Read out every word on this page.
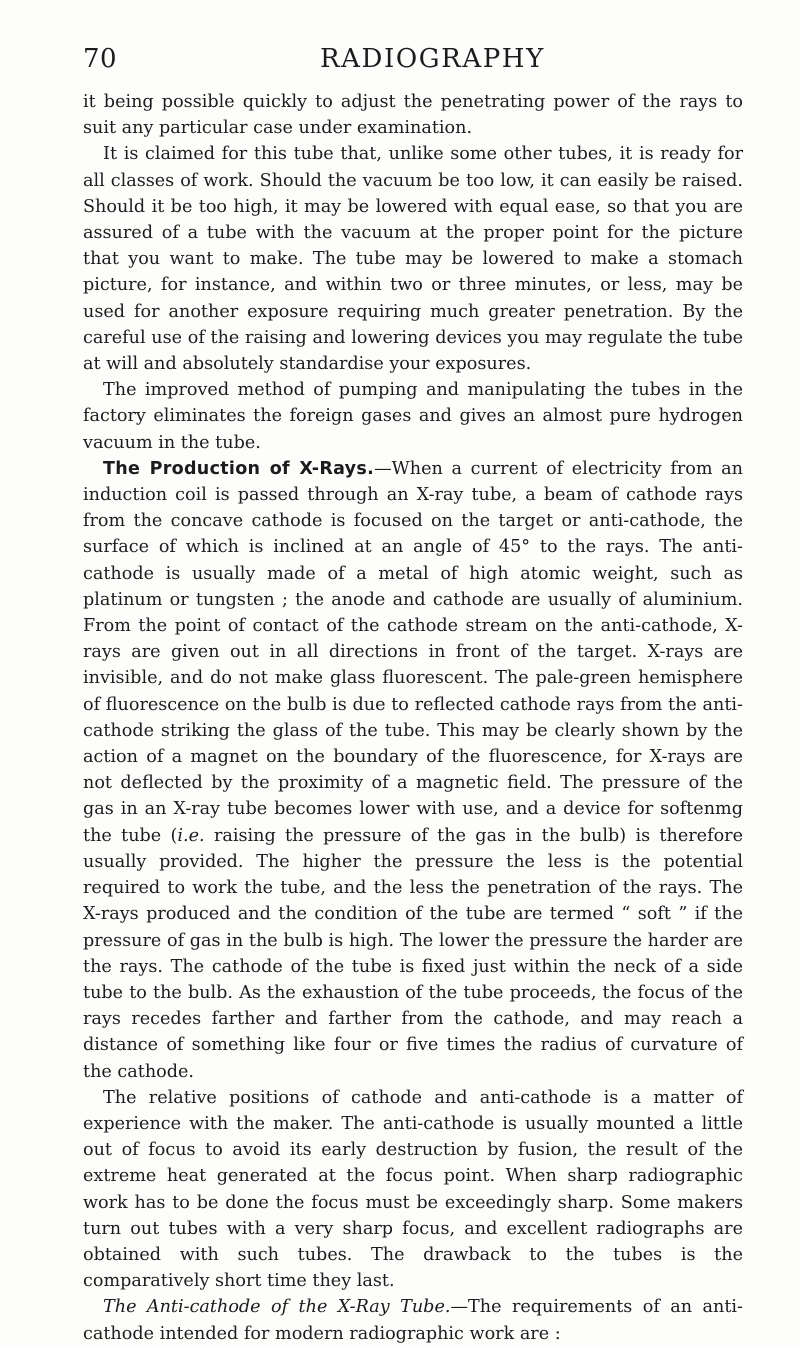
70	RADIOGRAPHY

it being possible quickly to adjust the penetrating power of the rays to suit any particular case under examination.

It is claimed for this tube that, unlike some other tubes, it is ready for all classes of work. Should the vacuum be too low, it can easily be raised. Should it be too high, it may be lowered with equal ease, so that you are assured of a tube with the vacuum at the proper point for the picture that you want to make. The tube may be lowered to make a stomach picture, for instance, and within two or three minutes, or less, may be used for another exposure requiring much greater penetration. By the careful use of the raising and lowering devices you may regulate the tube at will and absolutely standardise your exposures.

The improved method of pumping and manipulating the tubes in the factory eliminates the foreign gases and gives an almost pure hydrogen vacuum in the tube.

The Production of X-Rays.—When a current of electricity from an induction coil is passed through an X-ray tube, a beam of cathode rays from the concave cathode is focused on the target or anti-cathode, the surface of which is inclined at an angle of 45° to the rays. The anti-cathode is usually made of a metal of high atomic weight, such as platinum or tungsten ; the anode and cathode are usually of aluminium. From the point of contact of the cathode stream on the anti-cathode, X-rays are given out in all directions in front of the target. X-rays are invisible, and do not make glass fluorescent. The pale-green hemisphere of fluorescence on the bulb is due to reflected cathode rays from the anti-cathode striking the glass of the tube. This may be clearly shown by the action of a magnet on the boundary of the fluorescence, for X-rays are not deflected by the proximity of a magnetic field. The pressure of the gas in an X-ray tube becomes lower with use, and a device for softenmg the tube (i.e. raising the pressure of the gas in the bulb) is therefore usually provided. The higher the pressure the less is the potential required to work the tube, and the less the penetration of the rays. The X-rays produced and the condition of the tube are termed “ soft ” if the pressure of gas in the bulb is high. The lower the pressure the harder are the rays. The cathode of the tube is fixed just within the neck of a side tube to the bulb. As the exhaustion of the tube proceeds, the focus of the rays recedes farther and farther from the cathode, and may reach a distance of something like four or five times the radius of curvature of the cathode.

The relative positions of cathode and anti-cathode is a matter of experience with the maker. The anti-cathode is usually mounted a little out of focus to avoid its early destruction by fusion, the result of the extreme heat generated at the focus point. When sharp radiographic work has to be done the focus must be exceedingly sharp. Some makers turn out tubes with a very sharp focus, and excellent radiographs are obtained with such tubes. The drawback to the tubes is the comparatively short time they last.

The Anti-cathode of the X-Ray Tube.—The requirements of an anti-cathode intended for modern radiographic work are :
